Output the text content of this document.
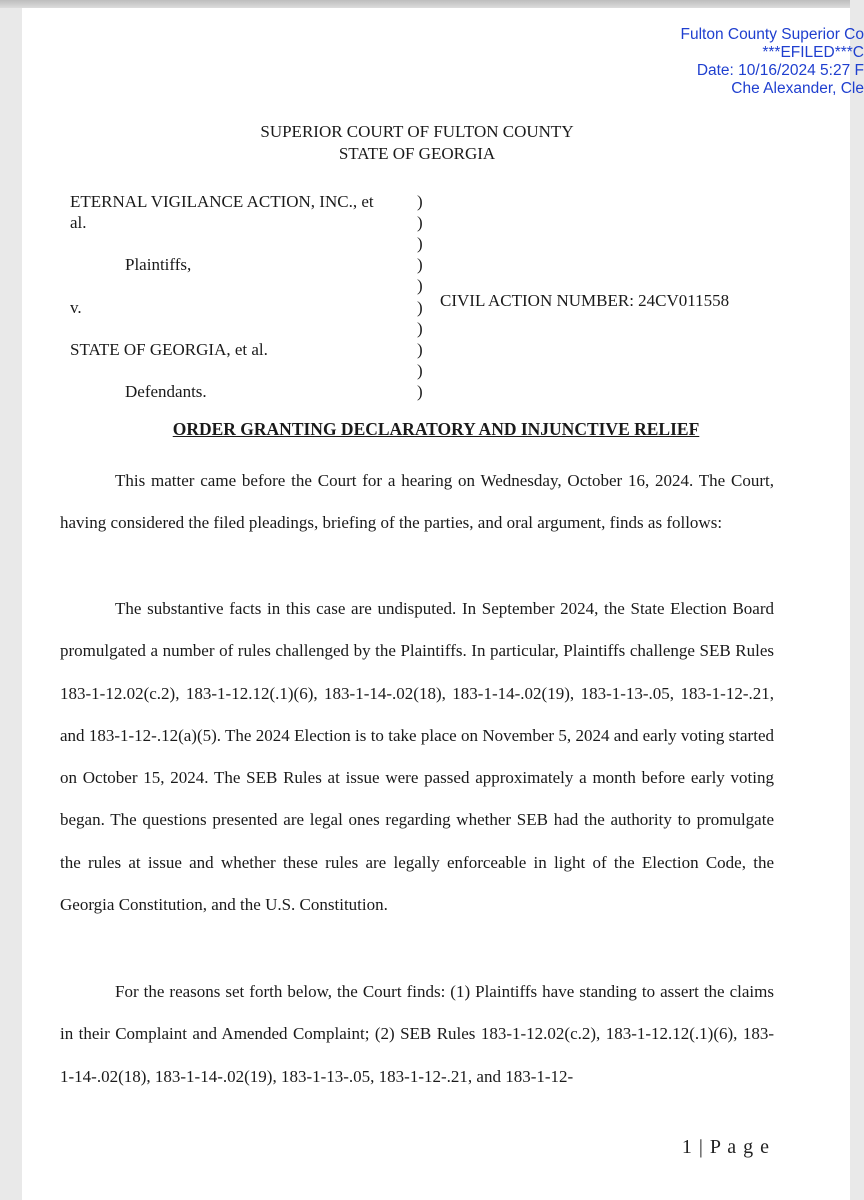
Fulton County Superior Co
***EFILED***C
Date: 10/16/2024 5:27 F
Che Alexander, Cle
SUPERIOR COURT OF FULTON COUNTY
STATE OF GEORGIA
ETERNAL VIGILANCE ACTION, INC., et
al.
Plaintiffs,
v.
STATE OF GEORGIA, et al.
Defendants.
)
)
)
)
)
)
)
)
)
)
CIVIL ACTION NUMBER: 24CV011558
ORDER GRANTING DECLARATORY AND INJUNCTIVE RELIEF

This matter came before the Court for a hearing on Wednesday, October 16, 2024. The Court, having considered the filed pleadings, briefing of the parties, and oral argument, finds as follows:

The substantive facts in this case are undisputed. In September 2024, the State Election Board promulgated a number of rules challenged by the Plaintiffs. In particular, Plaintiffs challenge SEB Rules 183-1-12.02(c.2), 183-1-12.12(.1)(6), 183-1-14-.02(18), 183-1-14-.02(19), 183-1-13-.05, 183-1-12-.21, and 183-1-12-.12(a)(5). The 2024 Election is to take place on November 5, 2024 and early voting started on October 15, 2024. The SEB Rules at issue were passed approximately a month before early voting began. The questions presented are legal ones regarding whether SEB had the authority to promulgate the rules at issue and whether these rules are legally enforceable in light of the Election Code, the Georgia Constitution, and the U.S. Constitution.

For the reasons set forth below, the Court finds: (1) Plaintiffs have standing to assert the claims in their Complaint and Amended Complaint; (2) SEB Rules 183-1-12.02(c.2), 183-1-12.12(.1)(6), 183-1-14-.02(18), 183-1-14-.02(19), 183-1-13-.05, 183-1-12-.21, and 183-1-12-

1 | P a g e
